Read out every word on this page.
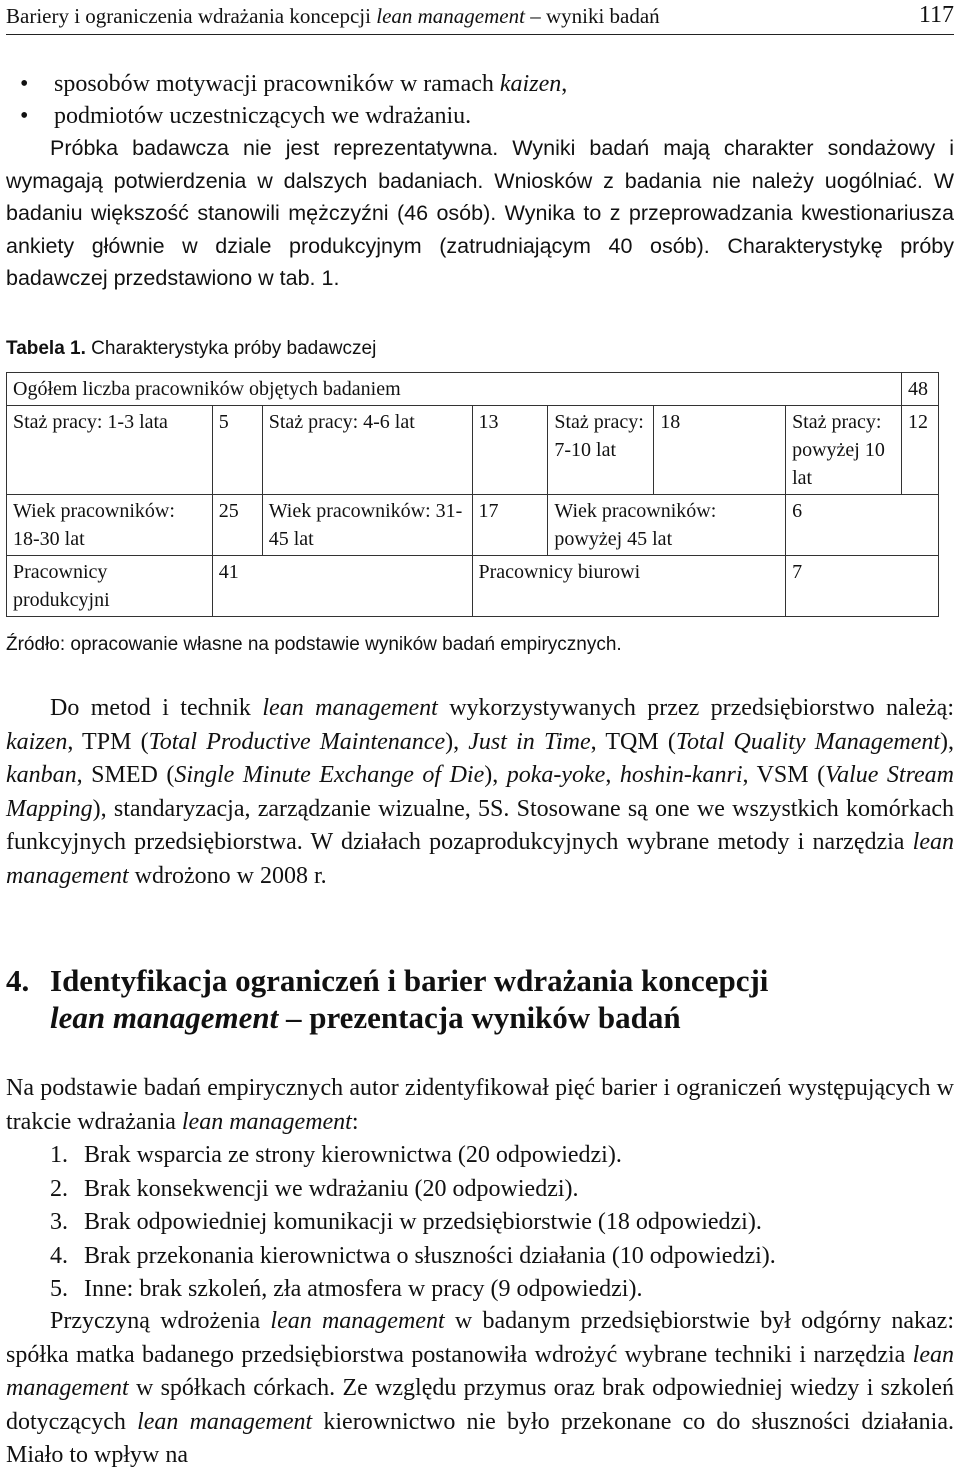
Bariery i ograniczenia wdrażania koncepcji lean management – wyniki badań	117
• sposobów motywacji pracowników w ramach kaizen,
• podmiotów uczestniczących we wdrażaniu.

Próbka badawcza nie jest reprezentatywna. Wyniki badań mają charakter sondażowy i wymagają potwierdzenia w dalszych badaniach. Wniosków z badania nie należy uogólniać. W badaniu większość stanowili mężczyźni (46 osób). Wynika to z przeprowadzania kwestionariusza ankiety głównie w dziale produkcyjnym (zatrudniającym 40 osób). Charakterystykę próby badawczej przedstawiono w tab. 1.

Tabela 1. Charakterystyka próby badawczej
Ogółem liczba pracowników objętych badaniem							48
Staż pracy: 1-3 lata	5	Staż pracy: 4-6 lat	13	Staż pracy: 7-10 lat	18	Staż pracy: powyżej 10 lat	12
Wiek pracowników: 18-30 lat	25	Wiek pracowników: 31-45 lat	17	Wiek pracowników: powyżej 45 lat		6	
Pracownicy produkcyjni	41		Pracownicy biurowi			7	
Źródło: opracowanie własne na podstawie wyników badań empirycznych.

Do metod i technik lean management wykorzystywanych przez przedsiębiorstwo należą: kaizen, TPM (Total Productive Maintenance), Just in Time, TQM (Total Quality Management), kanban, SMED (Single Minute Exchange of Die), poka-yoke, hoshin-kanri, VSM (Value Stream Mapping), standaryzacja, zarządzanie wizualne, 5S. Stosowane są one we wszystkich komórkach funkcyjnych przedsiębiorstwa. W działach pozaprodukcyjnych wybrane metody i narzędzia lean management wdrożono w 2008 r.

4. Identyfikacja ograniczeń i barier wdrażania koncepcji
lean management – prezentacja wyników badań

Na podstawie badań empirycznych autor zidentyfikował pięć barier i ograniczeń występujących w trakcie wdrażania lean management:

1. Brak wsparcia ze strony kierownictwa (20 odpowiedzi).
2. Brak konsekwencji we wdrażaniu (20 odpowiedzi).
3. Brak odpowiedniej komunikacji w przedsiębiorstwie (18 odpowiedzi).
4. Brak przekonania kierownictwa o słuszności działania (10 odpowiedzi).
5. Inne: brak szkoleń, zła atmosfera w pracy (9 odpowiedzi).

Przyczyną wdrożenia lean management w badanym przedsiębiorstwie był odgórny nakaz: spółka matka badanego przedsiębiorstwa postanowiła wdrożyć wybrane techniki i narzędzia lean management w spółkach córkach. Ze względu przymus oraz brak odpowiedniej wiedzy i szkoleń dotyczących lean management kierownictwo nie było przekonane co do słuszności działania. Miało to wpływ na
